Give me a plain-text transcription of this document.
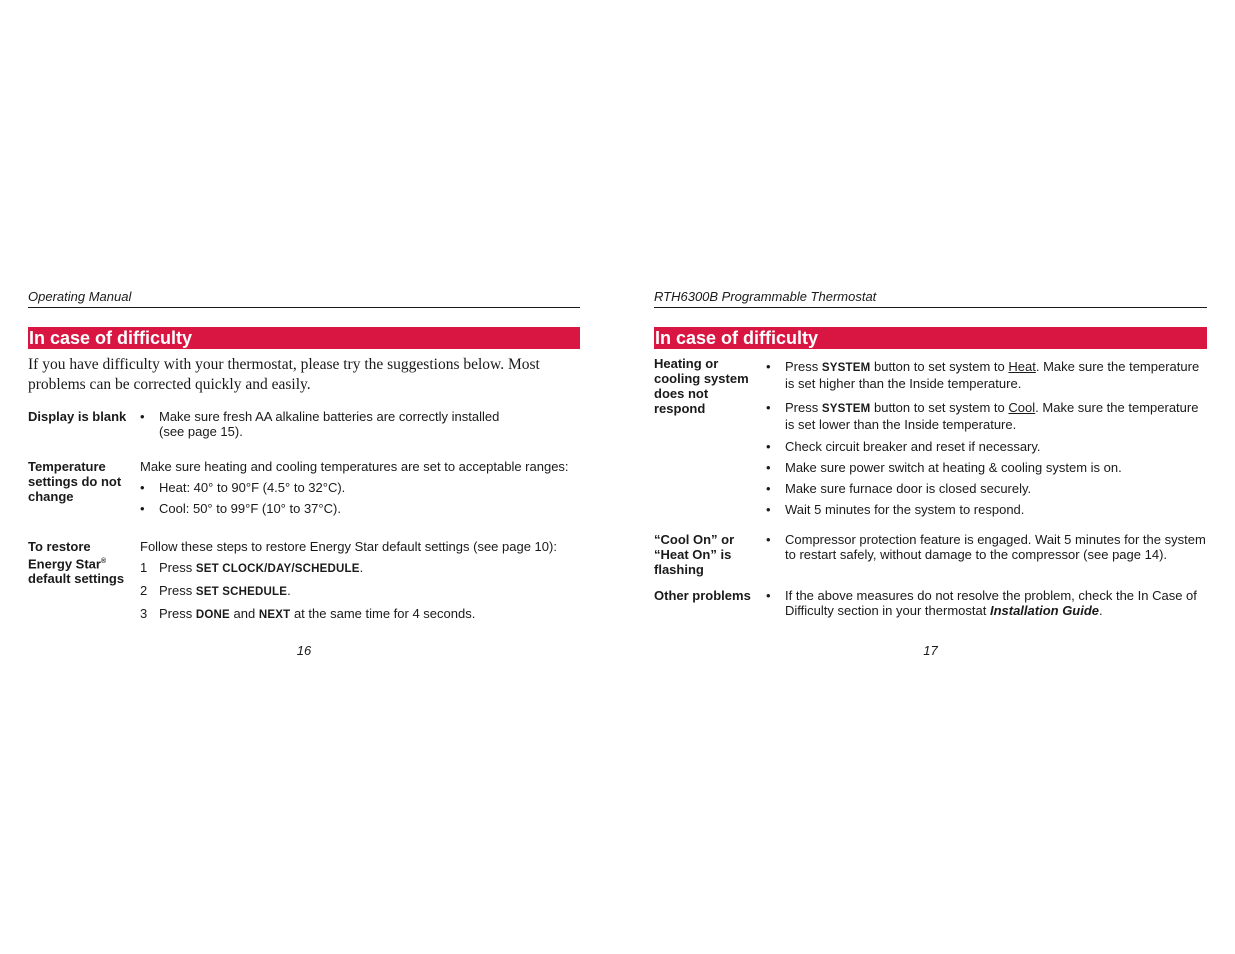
Operating Manual
In case of difficulty
If you have difficulty with your thermostat, please try the suggestions below. Most problems can be corrected quickly and easily.
Display is blank	• Make sure fresh AA alkaline batteries are correctly installed
(see page 15).
Temperature
settings do not
change
Make sure heating and cooling temperatures are set to acceptable ranges:
• Heat: 40° to 90°F (4.5° to 32°C).
• Cool: 50° to 99°F (10° to 37°C).
To restore
Energy Star®
default settings
Follow these steps to restore Energy Star default settings (see page 10):
1 Press SET CLOCK/DAY/SCHEDULE.
2 Press SET SCHEDULE.
3 Press DONE and NEXT at the same time for 4 seconds.
16
RTH6300B Programmable Thermostat
In case of difficulty
Heating or
cooling system
does not respond
• Press SYSTEM button to set system to Heat. Make sure the temperature is set higher than the Inside temperature.
• Press SYSTEM button to set system to Cool. Make sure the temperature is set lower than the Inside temperature.
• Check circuit breaker and reset if necessary.
• Make sure power switch at heating & cooling system is on.
• Make sure furnace door is closed securely.
• Wait 5 minutes for the system to respond.
“Cool On” or
“Heat On” is
flashing
• Compressor protection feature is engaged. Wait 5 minutes for the system to restart safely, without damage to the compressor (see page 14).
Other problems	• If the above measures do not resolve the problem, check the In Case of Difficulty section in your thermostat Installation Guide.
17
